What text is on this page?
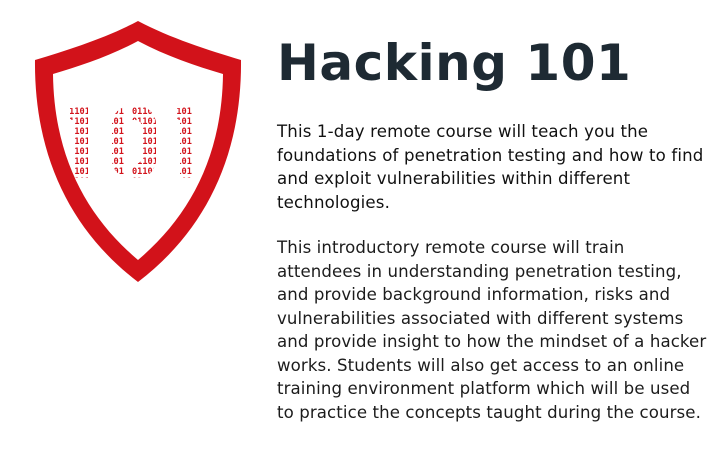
Hacking 101

This 1-day remote course will teach you the foundations of penetration testing and how to find and exploit vulnerabilities within different technologies.

This introductory remote course will train attendees in understanding penetration testing, and provide background information, risks and vulnerabilities associated with different systems and provide insight to how the mindset of a hacker works. Students will also get access to an online training environment platform which will be used to practice the concepts taught during the course.
